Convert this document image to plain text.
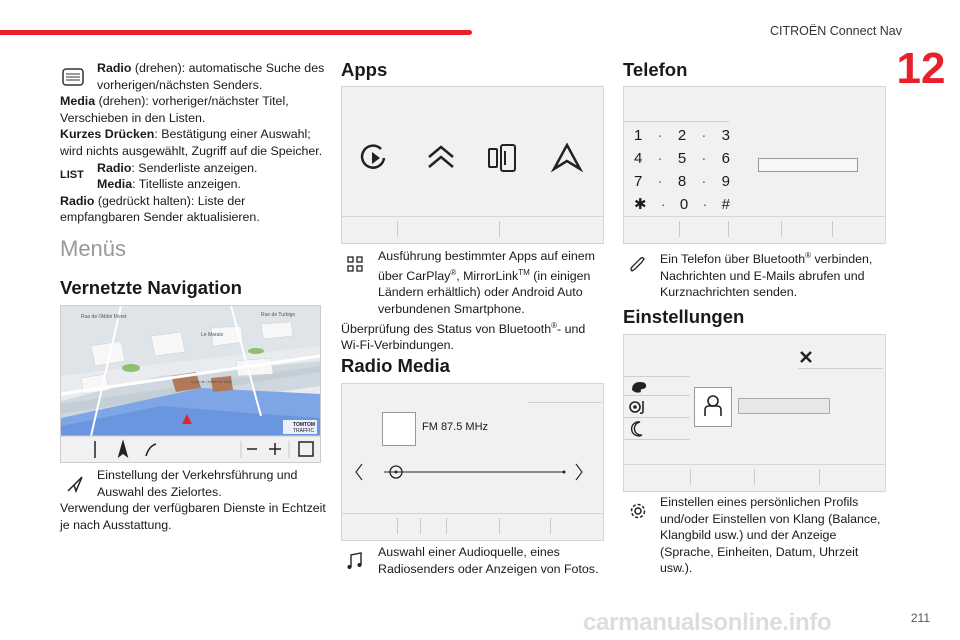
CITROËN Connect Nav
12

Radio (drehen): automatische Suche des vorherigen/nächsten Senders.

Media (drehen): vorheriger/nächster Titel, Verschieben in den Listen.

Kurzes Drücken: Bestätigung einer Auswahl; wird nichts ausgewählt, Zugriff auf die Speicher.

LIST	Radio: Senderliste anzeigen.

Media: Titelliste anzeigen.

Radio (gedrückt halten): Liste der empfangbaren Sender aktualisieren.

Menüs
Vernetzte Navigation
Rue de l'Abbé Moret	Rue de Turbigo
Le Marais
Quai de l'Hôtel de Ville
TOMTOM
TRAFFIC

Einstellung der Verkehrsführung und Auswahl des Zielortes.

Verwendung der verfügbaren Dienste in Echtzeit je nach Ausstattung.

Apps

Ausführung bestimmter Apps auf einem über CarPlay®, MirrorLink™ (in einigen Ländern erhältlich) oder Android Auto verbundenen Smartphone.

Überprüfung des Status von Bluetooth®- und Wi-Fi-Verbindungen.

Radio Media
FM 87.5 MHz

Auswahl einer Audioquelle, eines Radiosenders oder Anzeigen von Fotos.

Telefon
1 · 2 · 3
4 · 5 · 6
7 · 8 · 9
✱ · 0 · #

Ein Telefon über Bluetooth® verbinden, Nachrichten und E-Mails abrufen und Kurznachrichten senden.

Einstellungen

Einstellen eines persönlichen Profils und/oder Einstellen von Klang (Balance, Klangbild usw.) und der Anzeige (Sprache, Einheiten, Datum, Uhrzeit usw.).

carmanualsonline.info	211
